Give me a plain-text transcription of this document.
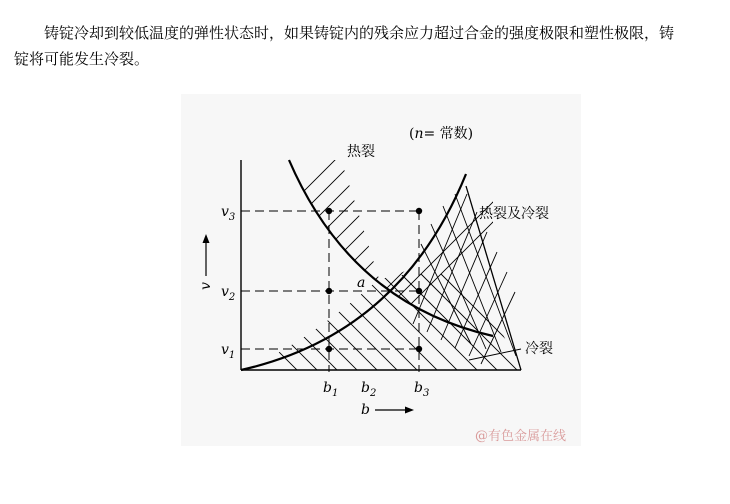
铸锭冷却到较低温度的弹性状态时，如果铸锭内的残余应力超过合金的强度极限和塑性极限，铸
锭将可能发生冷裂。

(n= 常数)
热裂
热裂及冷裂
冷裂
a
$v_1$
$v_2$
$v_3$
v
$b_1$ $b_2$	$b_3$
b
@有色金属在线
